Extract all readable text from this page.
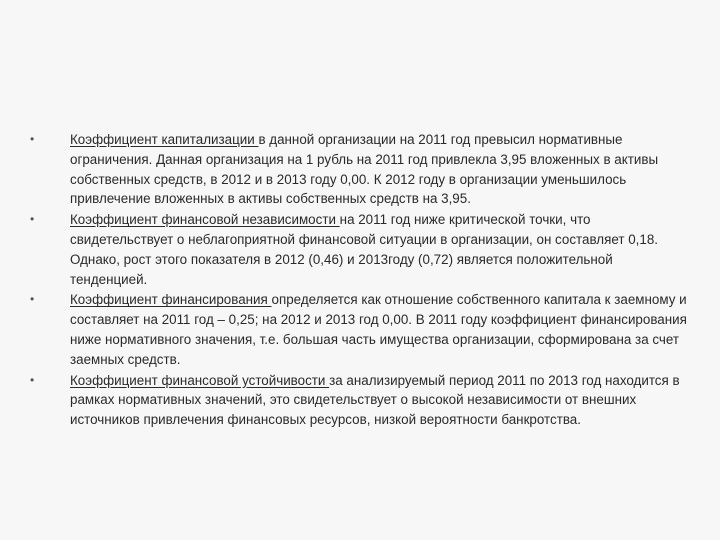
•	Коэффициент капитализации в данной организации на 2011 год превысил нормативные ограничения. Данная организация на 1 рубль на 2011 год привлекла 3,95 вложенных в активы собственных средств, в 2012 и в 2013 году 0,00. К 2012 году в организации уменьшилось привлечение вложенных в активы собственных средств на 3,95.
•	Коэффициент финансовой независимости на 2011 год ниже критической точки, что свидетельствует о неблагоприятной финансовой ситуации в организации, он составляет 0,18. Однако, рост этого показателя в 2012 (0,46) и 2013году (0,72) является положительной тенденцией.
•	Коэффициент финансирования определяется как отношение собственного капитала к заемному и составляет на 2011 год – 0,25; на 2012 и 2013 год 0,00. В 2011 году коэффициент финансирования ниже нормативного значения, т.е. большая часть имущества организации, сформирована за счет заемных средств.
•	Коэффициент финансовой устойчивости за анализируемый период 2011 по 2013 год находится в рамках нормативных значений, это свидетельствует о высокой независимости от внешних источников привлечения финансовых ресурсов, низкой вероятности банкротства.
